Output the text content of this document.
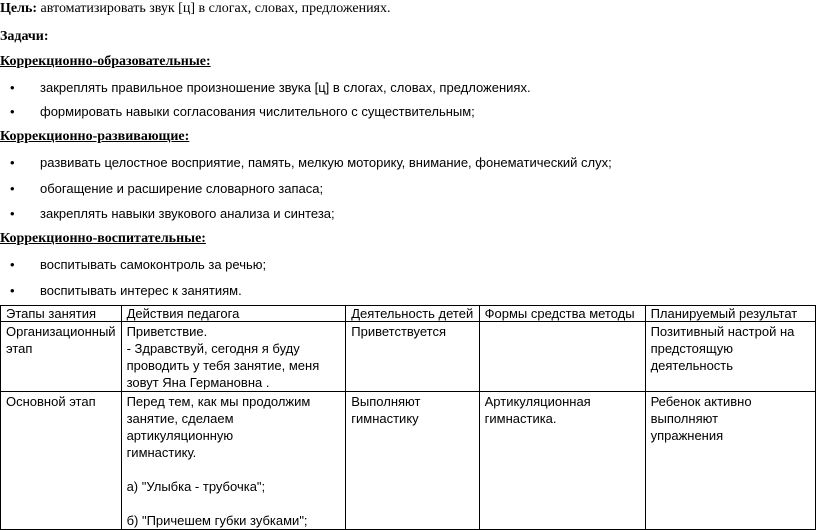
Цель: автоматизировать звук [ц] в слогах, словах, предложениях.
Задачи:
Коррекционно-образовательные:
•	закреплять правильное произношение звука [ц] в слогах, словах, предложениях.
•	формировать навыки согласования числительного с существительным;
Коррекционно-развивающие:
•	развивать целостное восприятие, память, мелкую моторику, внимание, фонематический слух;
•	обогащение и расширение словарного запаса;
•	закреплять навыки звукового анализа и синтеза;
Коррекционно-воспитательные:
•	воспитывать самоконтроль за речью;
•	воспитывать интерес к занятиям.
Этапы занятия	Действия педагога	Деятельность детей	Формы средства методы	Планируемый результат

Организационный
этап	Приветствие.
- Здравствуй, сегодня я буду
проводить у тебя занятие, меня
зовут Яна Германовна .	Приветствуется		Позитивный настрой на
предстоящую деятельность

Основной этап	Перед тем, как мы продолжим
занятие, сделаем артикуляционную
гимнастику.
а) "Улыбка - трубочка";
б) "Причешем губки зубками";	Выполняют
гимнастику	Артикуляционная
гимнастика.	Ребенок активно выполняют
упражнения
